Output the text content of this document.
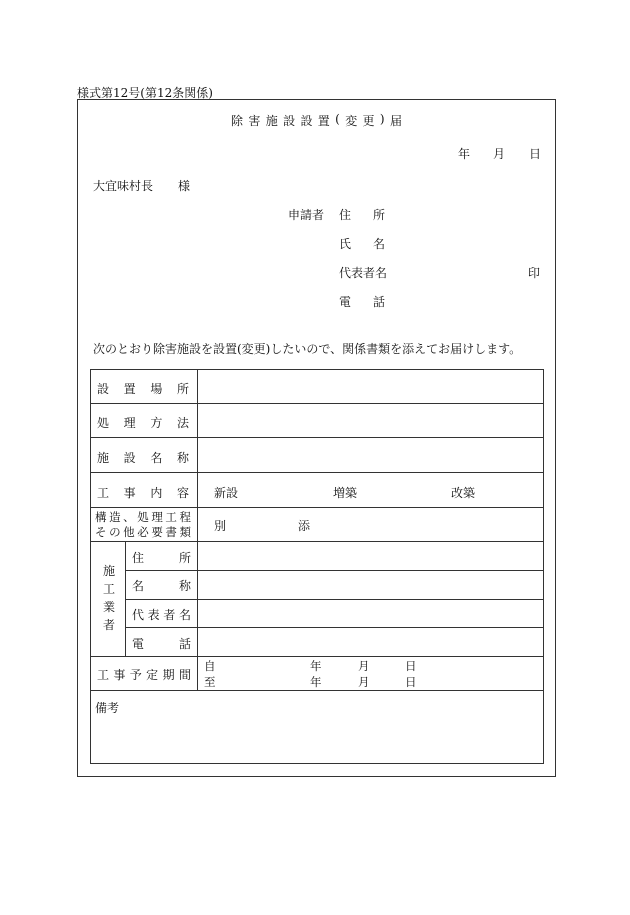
様式第12号(第12条関係)
除 害 施 設 設 置 ( 変 更 ) 届
年 月 日
大宜味村長 様
申請者 住 所
氏 名
代表者名	印
電 話
次のとおり除害施設を設置(変更)したいので、関係書類を添えてお届けします。
設 置 場 所
処 理 方 法
施 設 名 称
工 事 内 容 新設	増築	改築
構 造 、 処 理 工 程
そ の 他 必 要 書 類 別	添
施
工
業
者
住	所
名	称
代 表 者 名
電	話
工 事 予 定 期 間
自	年	月	日
至	年	月	日
備考
